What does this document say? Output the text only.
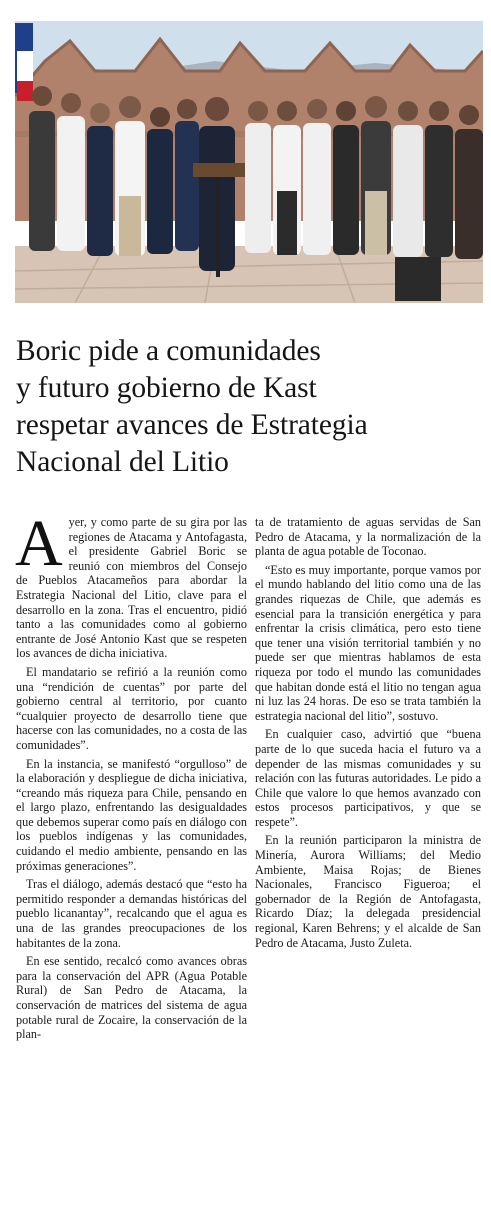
Boric pide a comunidades
y futuro gobierno de Kast
respetar avances de Estrategia
Nacional del Litio

Ayer, y como parte de su gira por las regiones de Atacama y Antofagasta, el presidente Gabriel Boric se reunió con miembros del Consejo de Pueblos Atacameños para abordar la Estrategia Nacional del Litio, clave para el desarrollo en la zona. Tras el encuentro, pidió tanto a las comunidades como al gobierno entrante de José Antonio Kast que se respeten los avances de dicha iniciativa.

El mandatario se refirió a la reunión como una “rendición de cuentas” por parte del gobierno central al territorio, por cuanto “cualquier proyecto de desarrollo tiene que hacerse con las comunidades, no a costa de las comunidades”.

En la instancia, se manifestó “orgulloso” de la elaboración y despliegue de dicha iniciativa, “creando más riqueza para Chile, pensando en el largo plazo, enfrentando las desigualdades que debemos superar como país en diálogo con los pueblos indígenas y las comunidades, cuidando el medio ambiente, pensando en las próximas generaciones”.

Tras el diálogo, además destacó que “esto ha permitido responder a demandas históricas del pueblo licanantay”, recalcando que el agua es una de las grandes preocupaciones de los habitantes de la zona.

En ese sentido, recalcó como avances obras para la conservación del APR (Agua Potable Rural) de San Pedro de Atacama, la conservación de matrices del sistema de agua potable rural de Zocaire, la conservación de la plan-

ta de tratamiento de aguas servidas de San Pedro de Atacama, y la normalización de la planta de agua potable de Toconao.

“Esto es muy importante, porque vamos por el mundo hablando del litio como una de las grandes riquezas de Chile, que además es esencial para la transición energética y para enfrentar la crisis climática, pero esto tiene que tener una visión territorial también y no puede ser que mientras hablamos de esta riqueza por todo el mundo las comunidades que habitan donde está el litio no tengan agua ni luz las 24 horas. De eso se trata también la estrategia nacional del litio”, sostuvo.

En cualquier caso, advirtió que “buena parte de lo que suceda hacia el futuro va a depender de las mismas comunidades y su relación con las futuras autoridades. Le pido a Chile que valore lo que hemos avanzado con estos procesos participativos, y que se respete”.

En la reunión participaron la ministra de Minería, Aurora Williams; del Medio Ambiente, Maisa Rojas; de Bienes Nacionales, Francisco Figueroa; el gobernador de la Región de Antofagasta, Ricardo Díaz; la delegada presidencial regional, Karen Behrens; y el alcalde de San Pedro de Atacama, Justo Zuleta.
